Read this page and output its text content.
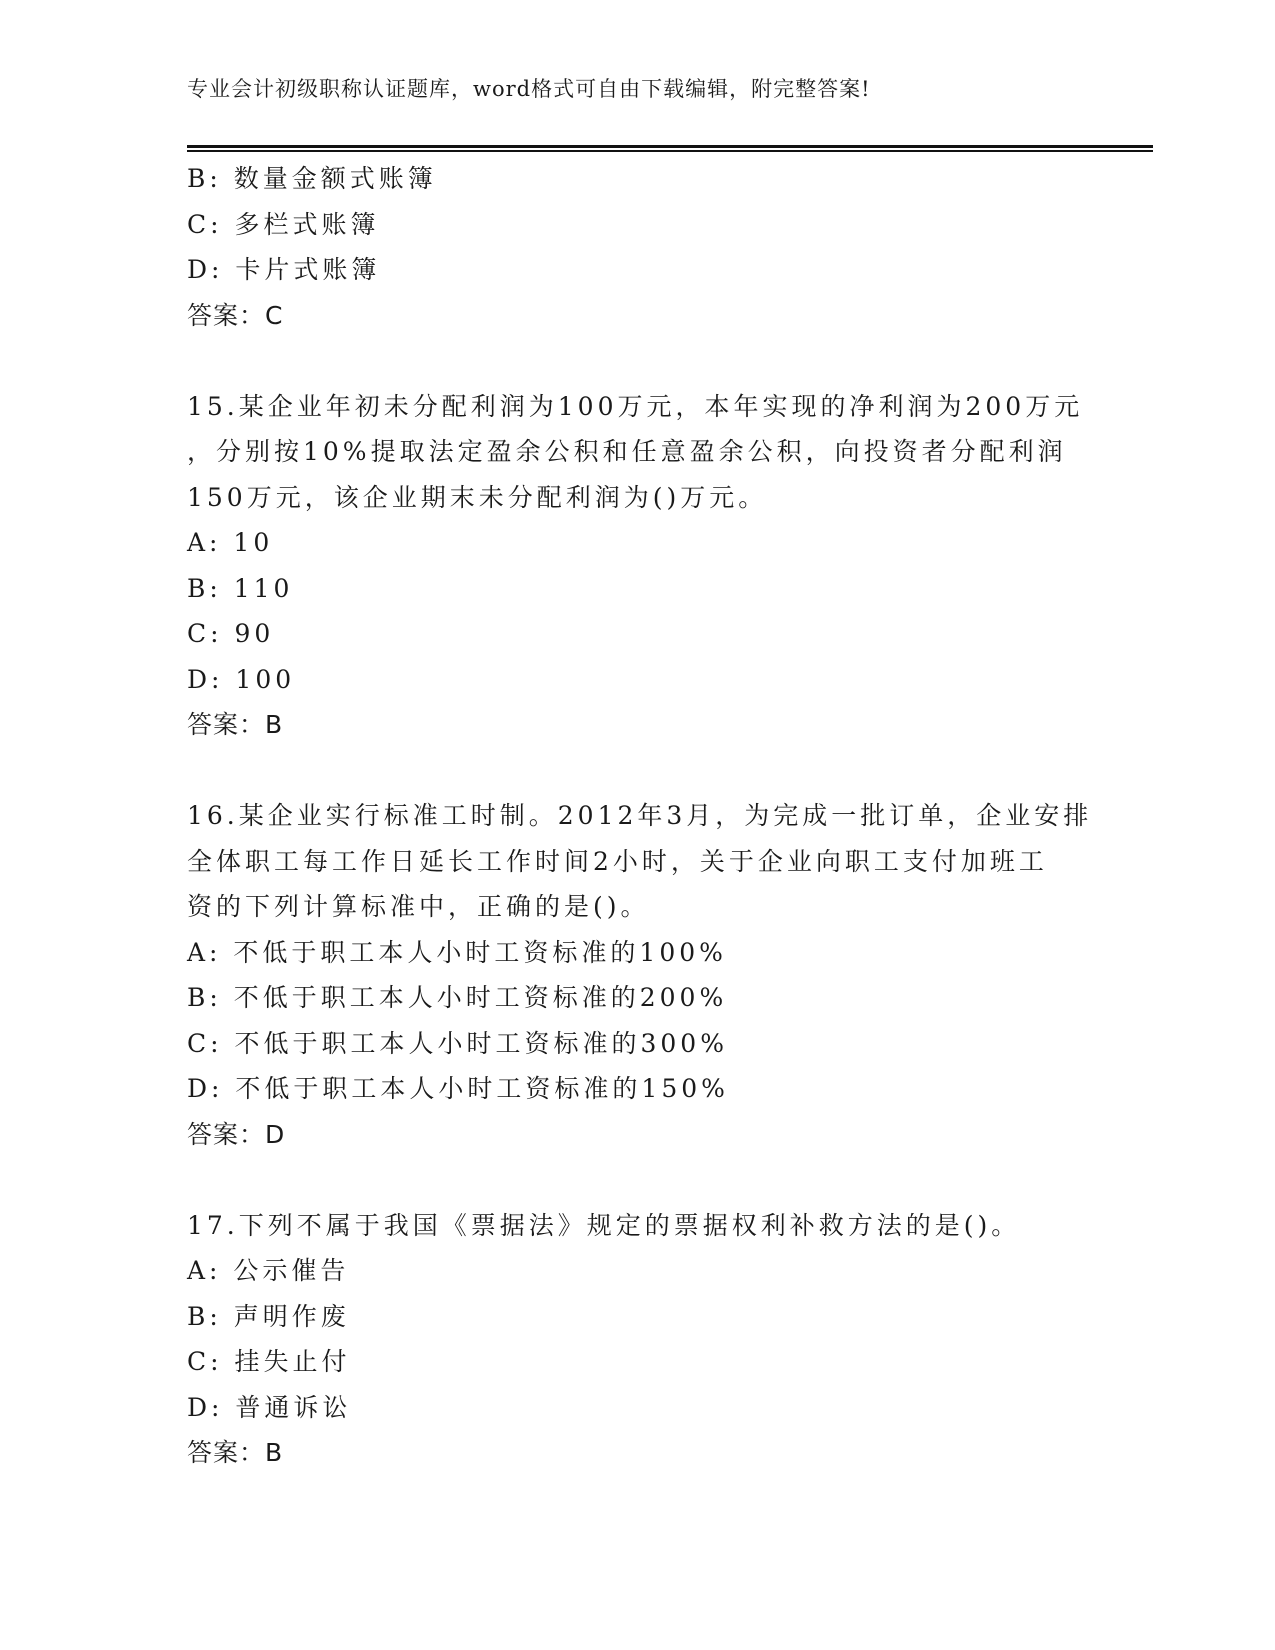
专业会计初级职称认证题库，word格式可自由下载编辑，附完整答案!
B: 数量金额式账簿
C: 多栏式账簿
D: 卡片式账簿
答案：C
15.某企业年初未分配利润为100万元，本年实现的净利润为200万元
，分别按10%提取法定盈余公积和任意盈余公积，向投资者分配利润
150万元，该企业期末未分配利润为()万元。
A: 10
B: 110
C: 90
D: 100
答案：B
16.某企业实行标准工时制。2012年3月，为完成一批订单，企业安排
全体职工每工作日延长工作时间2小时，关于企业向职工支付加班工
资的下列计算标准中，正确的是()。
A: 不低于职工本人小时工资标准的100%
B: 不低于职工本人小时工资标准的200%
C: 不低于职工本人小时工资标准的300%
D: 不低于职工本人小时工资标准的150%
答案：D
17.下列不属于我国《票据法》规定的票据权利补救方法的是()。
A: 公示催告
B: 声明作废
C: 挂失止付
D: 普通诉讼
答案：B
